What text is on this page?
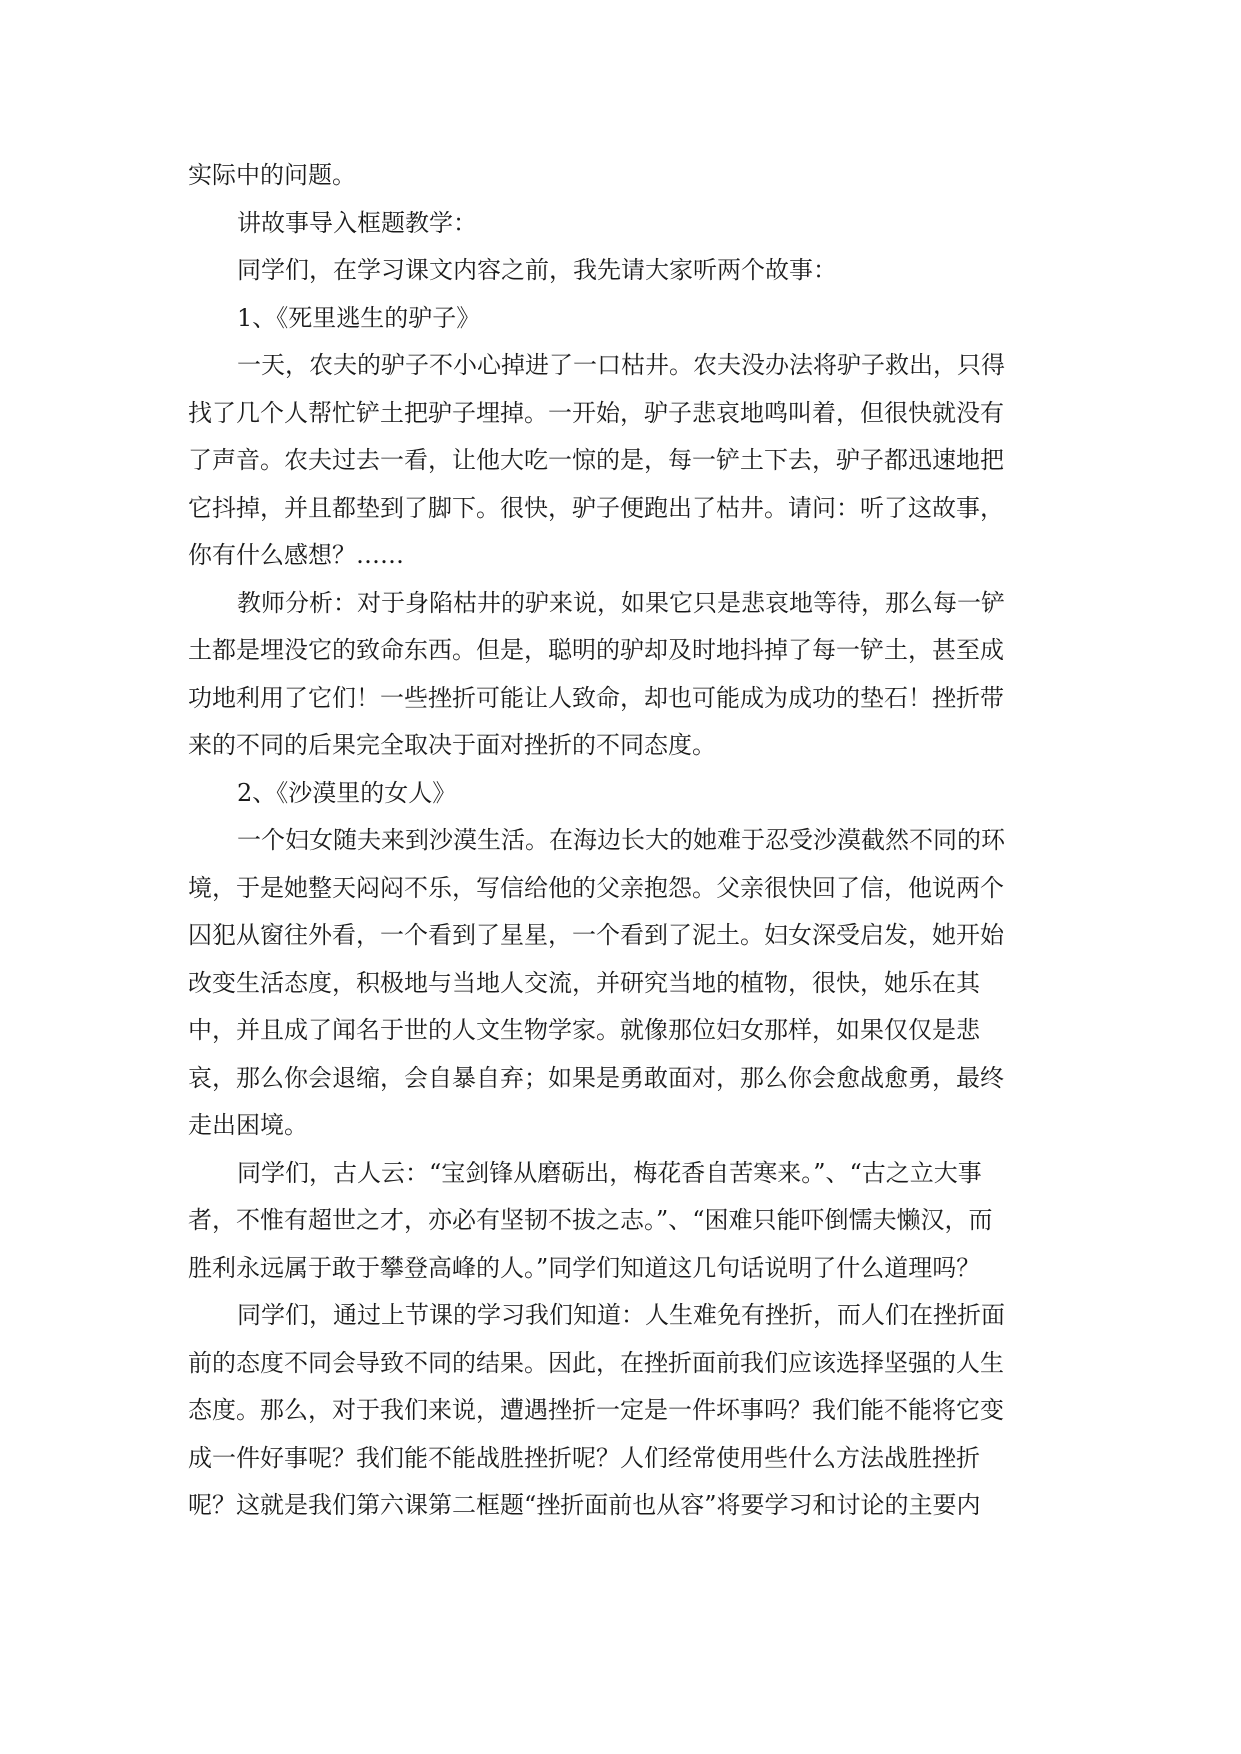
实际中的问题。
讲故事导入框题教学：
同学们，在学习课文内容之前，我先请大家听两个故事：
1、《死里逃生的驴子》
一天，农夫的驴子不小心掉进了一口枯井。农夫没办法将驴子救出，只得
找了几个人帮忙铲土把驴子埋掉。一开始，驴子悲哀地鸣叫着，但很快就没有
了声音。农夫过去一看，让他大吃一惊的是，每一铲土下去，驴子都迅速地把
它抖掉，并且都垫到了脚下。很快，驴子便跑出了枯井。请问：听了这故事，
你有什么感想？……
教师分析：对于身陷枯井的驴来说，如果它只是悲哀地等待，那么每一铲
土都是埋没它的致命东西。但是，聪明的驴却及时地抖掉了每一铲土，甚至成
功地利用了它们！一些挫折可能让人致命，却也可能成为成功的垫石！挫折带
来的不同的后果完全取决于面对挫折的不同态度。
2、《沙漠里的女人》
一个妇女随夫来到沙漠生活。在海边长大的她难于忍受沙漠截然不同的环
境，于是她整天闷闷不乐，写信给他的父亲抱怨。父亲很快回了信，他说两个
囚犯从窗往外看，一个看到了星星，一个看到了泥土。妇女深受启发，她开始
改变生活态度，积极地与当地人交流，并研究当地的植物，很快，她乐在其
中，并且成了闻名于世的人文生物学家。就像那位妇女那样，如果仅仅是悲
哀，那么你会退缩，会自暴自弃；如果是勇敢面对，那么你会愈战愈勇，最终
走出困境。
同学们，古人云：“宝剑锋从磨砺出，梅花香自苦寒来。”、“古之立大事
者，不惟有超世之才，亦必有坚韧不拔之志。”、“困难只能吓倒懦夫懒汉，而
胜利永远属于敢于攀登高峰的人。”同学们知道这几句话说明了什么道理吗？
同学们，通过上节课的学习我们知道：人生难免有挫折，而人们在挫折面
前的态度不同会导致不同的结果。因此，在挫折面前我们应该选择坚强的人生
态度。那么，对于我们来说，遭遇挫折一定是一件坏事吗？我们能不能将它变
成一件好事呢？我们能不能战胜挫折呢？人们经常使用些什么方法战胜挫折
呢？这就是我们第六课第二框题“挫折面前也从容”将要学习和讨论的主要内
